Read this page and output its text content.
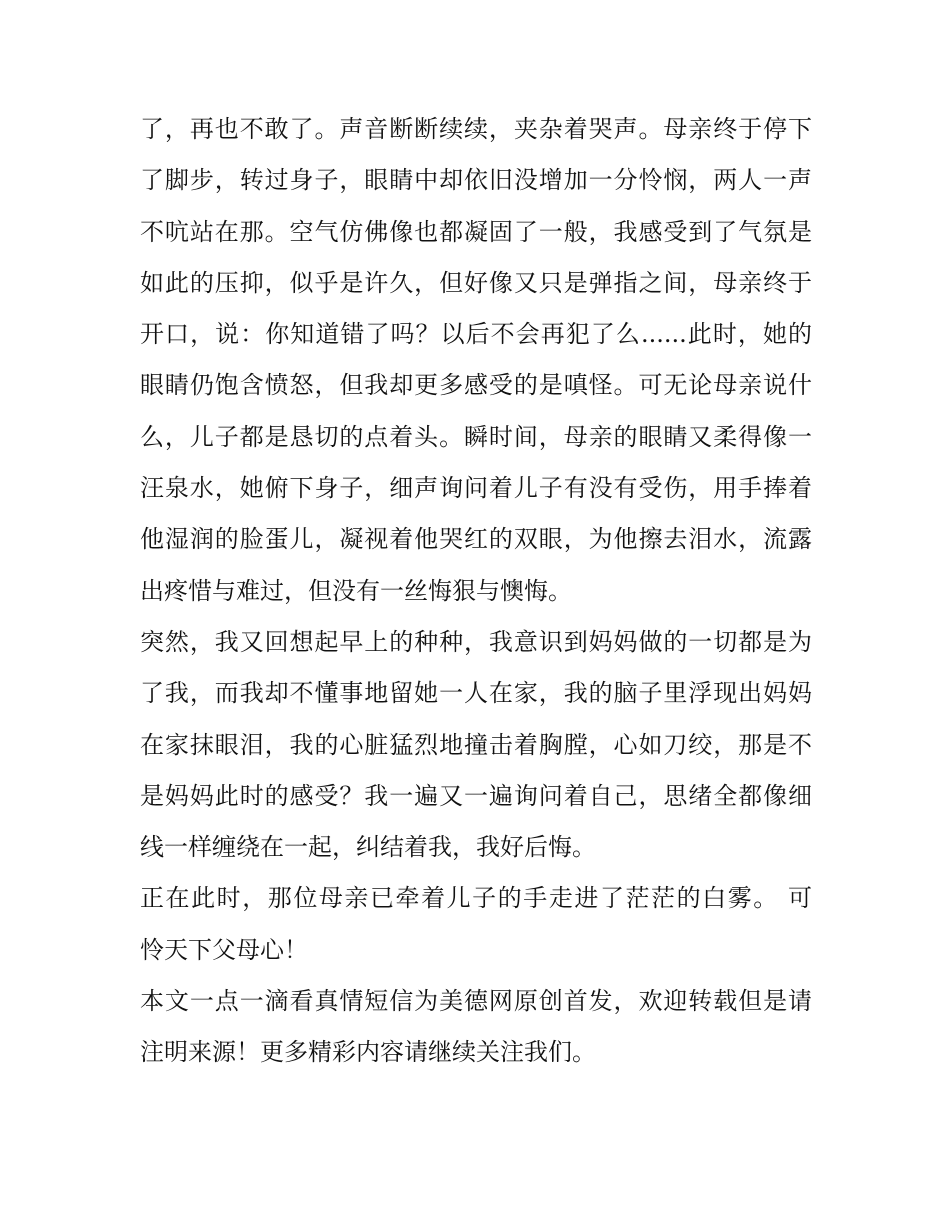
了，再也不敢了。声音断断续续，夹杂着哭声。母亲终于停下
了脚步，转过身子，眼睛中却依旧没增加一分怜悯，两人一声
不吭站在那。空气仿佛像也都凝固了一般，我感受到了气氛是
如此的压抑，似乎是许久，但好像又只是弹指之间，母亲终于
开口，说：你知道错了吗？以后不会再犯了么......此时，她的
眼睛仍饱含愤怒，但我却更多感受的是嗔怪。可无论母亲说什
么，儿子都是恳切的点着头。瞬时间，母亲的眼睛又柔得像一
汪泉水，她俯下身子，细声询问着儿子有没有受伤，用手捧着
他湿润的脸蛋儿，凝视着他哭红的双眼，为他擦去泪水，流露
出疼惜与难过，但没有一丝悔狠与懊悔。
突然，我又回想起早上的种种，我意识到妈妈做的一切都是为
了我，而我却不懂事地留她一人在家，我的脑子里浮现出妈妈
在家抹眼泪，我的心脏猛烈地撞击着胸膛，心如刀绞，那是不
是妈妈此时的感受？我一遍又一遍询问着自己，思绪全都像细
线一样缠绕在一起，纠结着我，我好后悔。
正在此时，那位母亲已牵着儿子的手走进了茫茫的白雾。 可
怜天下父母心！
本文一点一滴看真情短信为美德网原创首发，欢迎转载但是请
注明来源！更多精彩内容请继续关注我们。
